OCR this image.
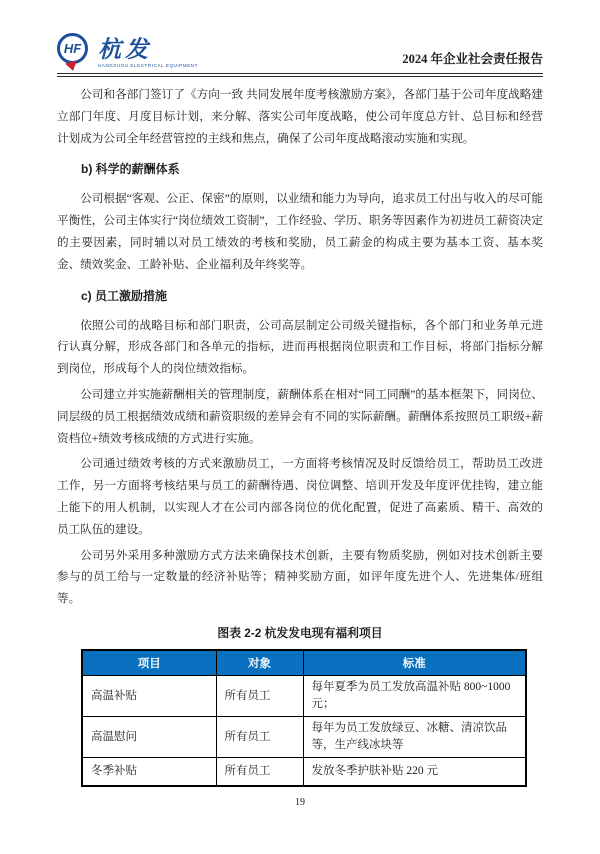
HF 杭发
HANGZHOU ELECTRICAL EQUIPMENT	2024 年企业社会责任报告

公司和各部门签订了《方向一致 共同发展年度考核激励方案》，各部门基于公司年度战略建立部门年度、月度目标计划，来分解、落实公司年度战略，使公司年度总方针、总目标和经营计划成为公司全年经营管控的主线和焦点，确保了公司年度战略滚动实施和实现。

b) 科学的薪酬体系

公司根据“客观、公正、保密”的原则，以业绩和能力为导向，追求员工付出与收入的尽可能平衡性，公司主体实行“岗位绩效工资制”，工作经验、学历、职务等因素作为初进员工薪资决定的主要因素，同时辅以对员工绩效的考核和奖励，员工薪金的构成主要为基本工资、基本奖金、绩效奖金、工龄补贴、企业福利及年终奖等。

c) 员工激励措施

依照公司的战略目标和部门职责，公司高层制定公司级关键指标，各个部门和业务单元进行认真分解，形成各部门和各单元的指标，进而再根据岗位职责和工作目标，将部门指标分解到岗位，形成每个人的岗位绩效指标。

公司建立并实施薪酬相关的管理制度，薪酬体系在相对“同工同酬”的基本框架下，同岗位、同层级的员工根据绩效成绩和薪资职级的差异会有不同的实际薪酬。薪酬体系按照员工职级+薪资档位+绩效考核成绩的方式进行实施。

公司通过绩效考核的方式来激励员工，一方面将考核情况及时反馈给员工，帮助员工改进工作，另一方面将考核结果与员工的薪酬待遇、岗位调整、培训开发及年度评优挂钩，建立能上能下的用人机制，以实现人才在公司内部各岗位的优化配置，促进了高素质、精干、高效的员工队伍的建设。

公司另外采用多种激励方式方法来确保技术创新，主要有物质奖励，例如对技术创新主要参与的员工给与一定数量的经济补贴等；精神奖励方面，如评年度先进个人、先进集体/班组等。

图表 2-2 杭发发电现有福利项目
项目	对象	标准
高温补贴	所有员工	每年夏季为员工发放高温补贴 800~1000 元；
高温慰问	所有员工	每年为员工发放绿豆、冰糖、清凉饮品等，生产线冰块等
冬季补贴	所有员工	发放冬季护肤补贴 220 元
19
